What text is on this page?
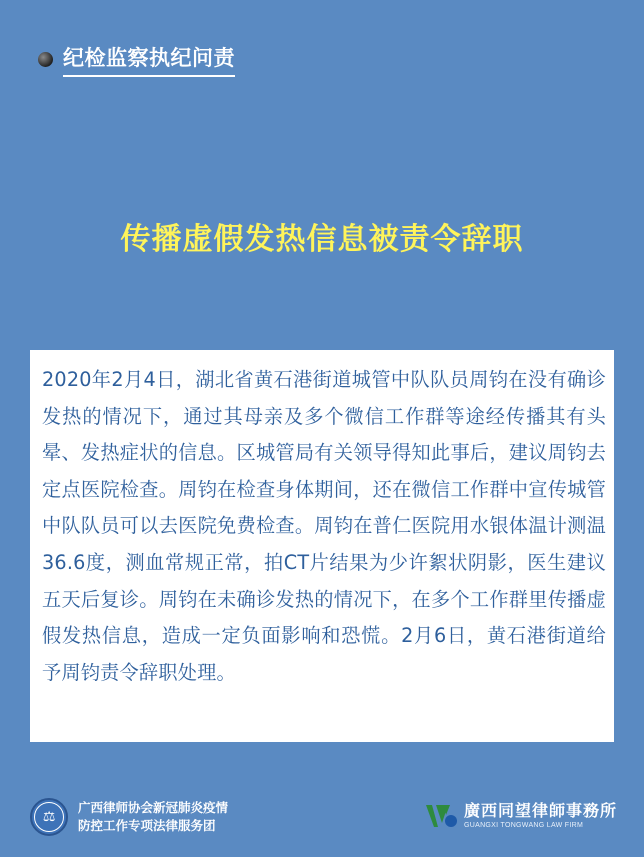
纪检监察执纪问责
传播虚假发热信息被责令辞职

2020年2月4日，湖北省黄石港街道城管中队队员周钧在没有确诊发热的情况下，通过其母亲及多个微信工作群等途经传播其有头晕、发热症状的信息。区城管局有关领导得知此事后，建议周钧去定点医院检查。周钧在检查身体期间，还在微信工作群中宣传城管中队队员可以去医院免费检查。周钧在普仁医院用水银体温计测温36.6度，测血常规正常，拍CT片结果为少许絮状阴影，医生建议五天后复诊。周钧在未确诊发热的情况下，在多个工作群里传播虚假发热信息，造成一定负面影响和恐慌。2月6日，黄石港街道给予周钧责令辞职处理。

⚖
广西律师协会新冠肺炎疫情
防控工作专项法律服务团
廣西同望律師事務所
GUANGXI TONGWANG LAW FIRM
